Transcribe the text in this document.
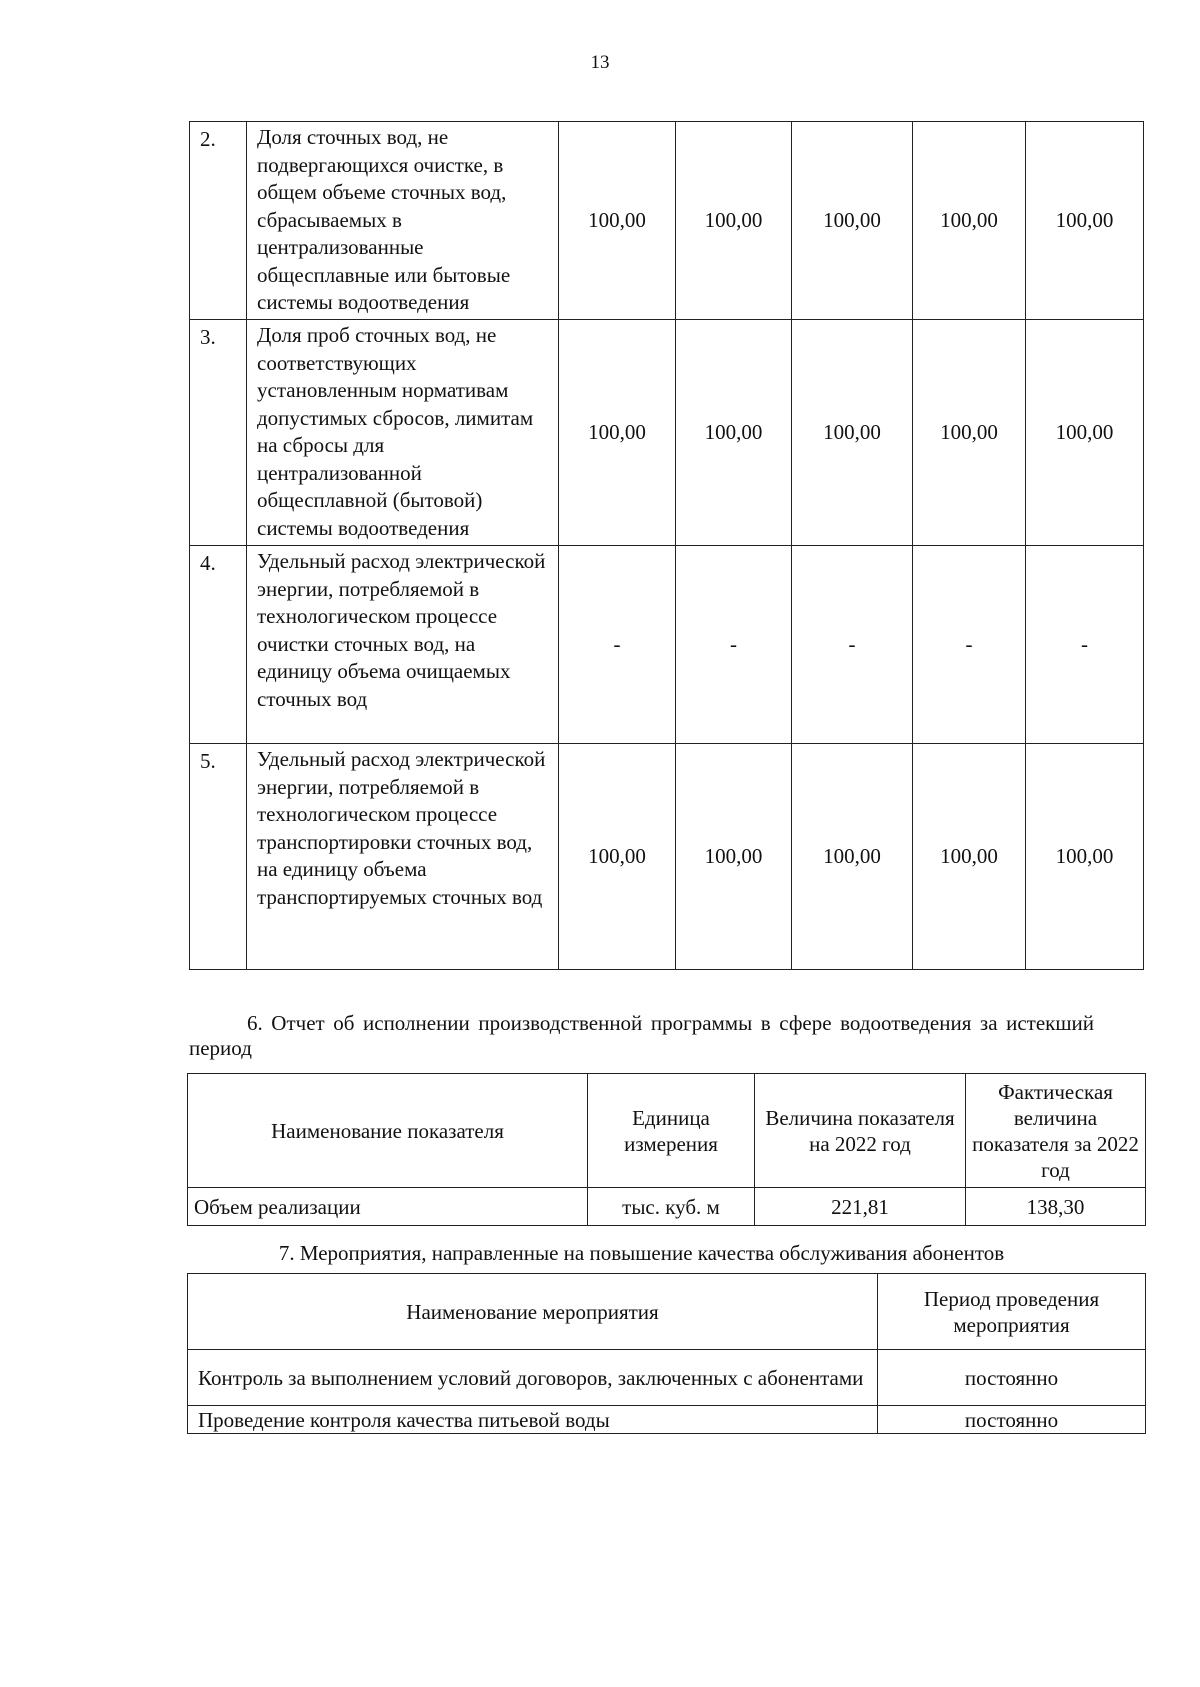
13
2.	Доля сточных вод, не подвергающихся очистке, в общем объеме сточных вод, сбрасываемых в централизованные общесплавные или бытовые системы водоотведения	100,00	100,00	100,00	100,00	100,00
3.	Доля проб сточных вод, не соответствующих установленным нормативам допустимых сбросов, лимитам на сбросы для централизованной общесплавной (бытовой) системы водоотведения	100,00	100,00	100,00	100,00	100,00
4.	Удельный расход электрической энергии, потребляемой в технологическом процессе очистки сточных вод, на единицу объема очищаемых сточных вод	-	-	-	-	-
5.	Удельный расход электрической энергии, потребляемой в технологическом процессе транспортировки сточных вод, на единицу объема транспортируемых сточных вод	100,00	100,00	100,00	100,00	100,00
6. Отчет об исполнении производственной программы в сфере водоотведения за истекший период
Наименование показателя	Единица измерения	Величина показателя на 2022 год	Фактическая величина показателя за 2022 год
Объем реализации	тыс. куб. м	221,81	138,30
7. Мероприятия, направленные на повышение качества обслуживания абонентов
Наименование мероприятия	Период проведения мероприятия
Контроль за выполнением условий договоров, заключенных с абонентами	постоянно
Проведение контроля качества питьевой воды	постоянно
